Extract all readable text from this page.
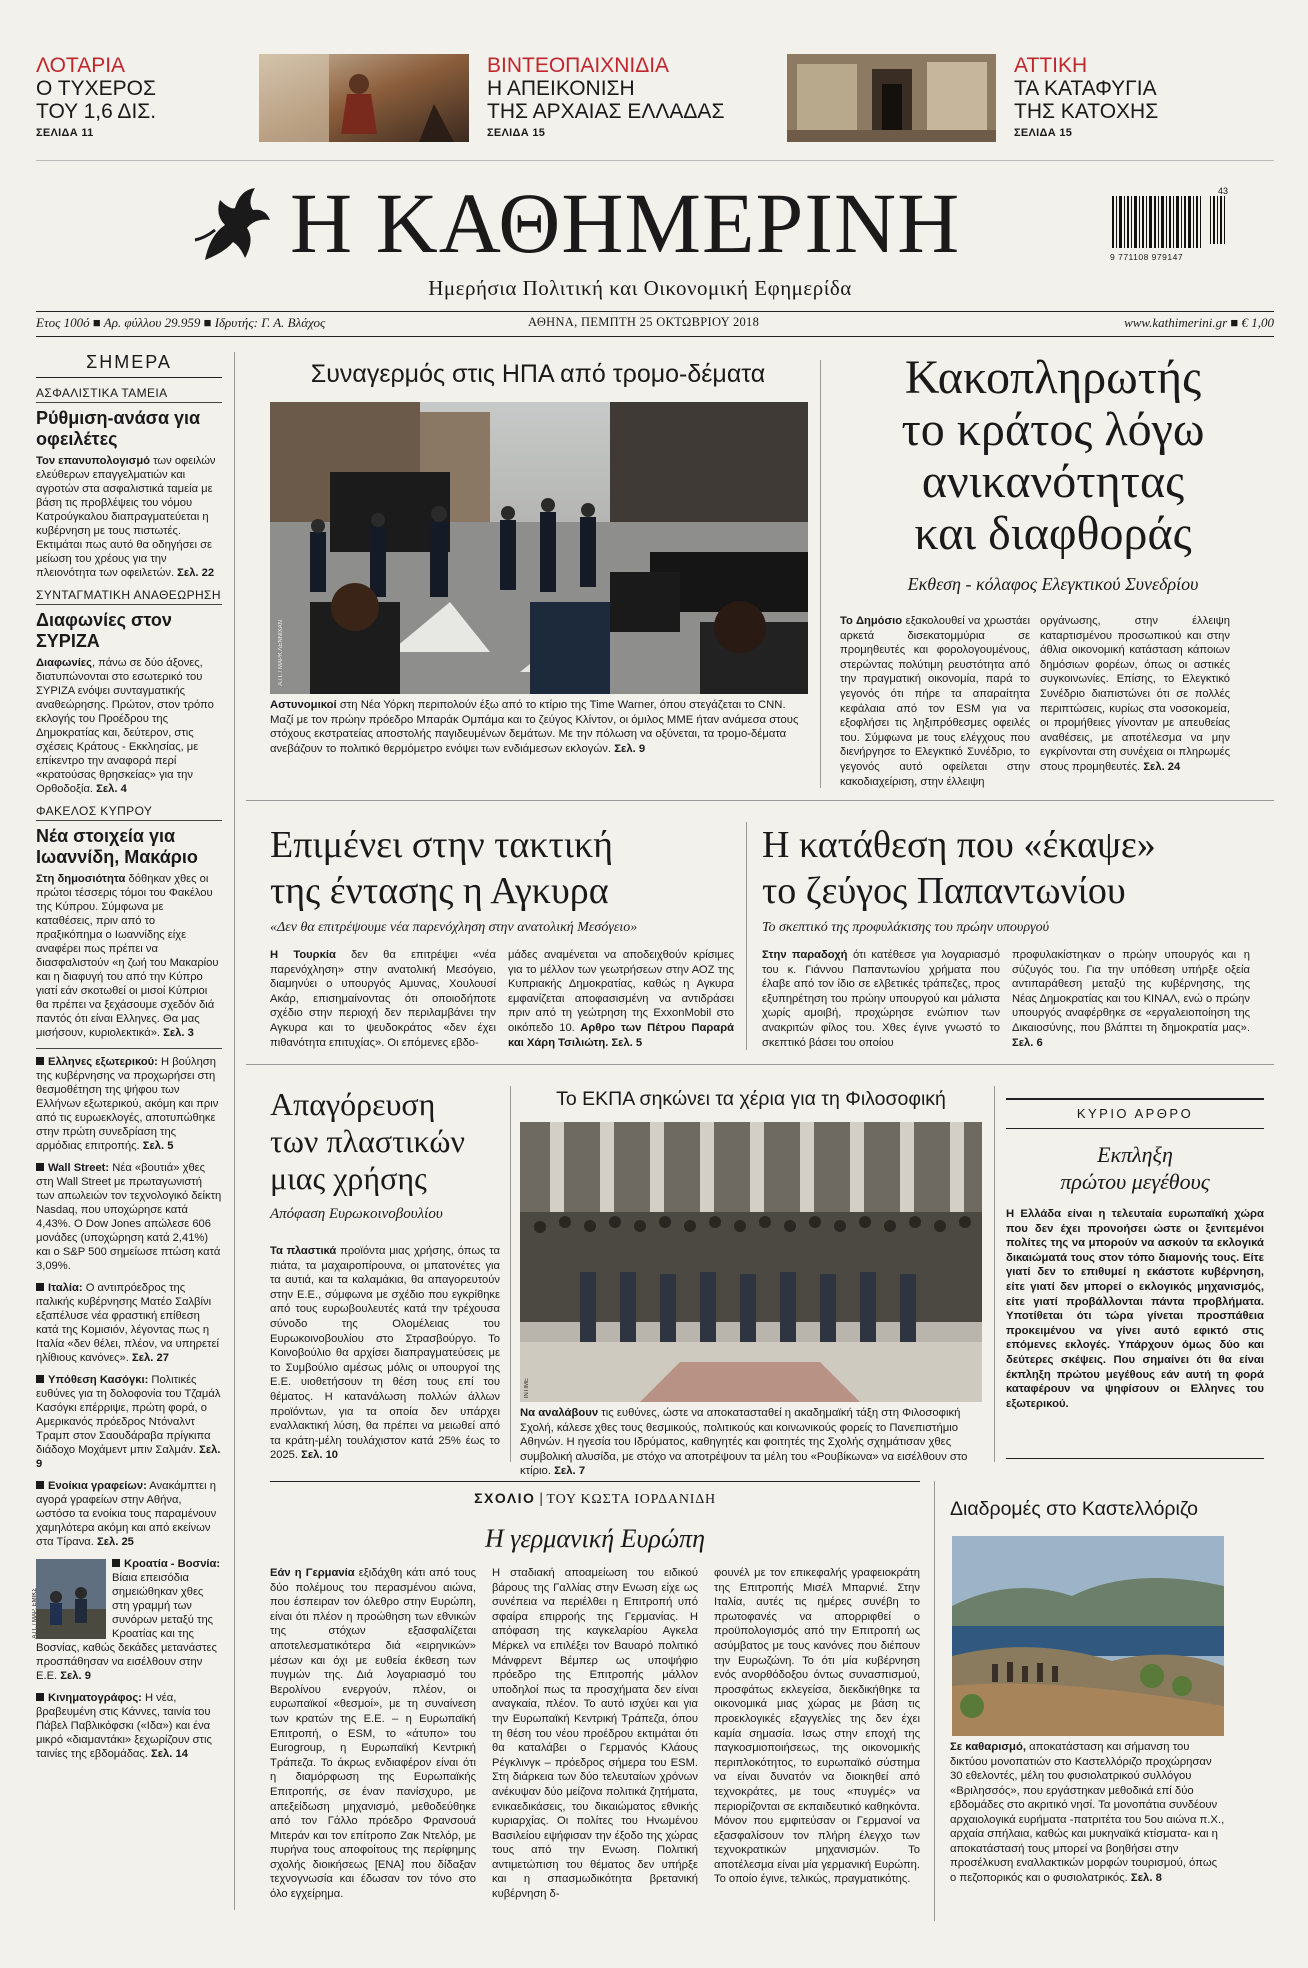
ΛΟΤΑΡΙΑ
Ο ΤΥΧΕΡΟΣ
ΤΟΥ 1,6 ΔΙΣ.
ΣΕΛΙΔΑ 11
ΒΙΝΤΕΟΠΑΙΧΝΙΔΙΑ
Η ΑΠΕΙΚΟΝΙΣΗ
ΤΗΣ ΑΡΧΑΙΑΣ ΕΛΛΑΔΑΣ
ΣΕΛΙΔΑ 15
ΑΤΤΙΚΗ
ΤΑ ΚΑΤΑΦΥΓΙΑ
ΤΗΣ ΚΑΤΟΧΗΣ
ΣΕΛΙΔΑ 15
Η ΚΑΘΗΜΕΡΙΝΗ
Ημερήσια Πολιτική και Οικονομική Εφημερίδα
43
9 771108 979147
Ετος 100ό ■ Αρ. φύλλου 29.959 ■ Ιδρυτής: Γ. Α. Βλάχος	ΑΘΗΝΑ, ΠΕΜΠΤΗ 25 ΟΚΤΩΒΡΙΟΥ 2018	www.kathimerini.gr ■ € 1,00
ΣΗΜΕΡΑ
ΑΣΦΑΛΙΣΤΙΚΑ ΤΑΜΕΙΑ
Ρύθμιση-ανάσα για οφειλέτες
Τον επανυπολογισμό των οφειλών ελεύθερων επαγγελματιών και αγροτών στα ασφαλιστικά ταμεία με βάση τις προβλέψεις του νόμου Κατρούγκαλου διαπραγματεύεται η κυβέρνηση με τους πιστωτές. Εκτιμάται πως αυτό θα οδηγήσει σε μείωση του χρέους για την πλειονότητα των οφειλετών. Σελ. 22
ΣΥΝΤΑΓΜΑΤΙΚΗ ΑΝΑΘΕΩΡΗΣΗ
Διαφωνίες στον ΣΥΡΙΖΑ
Διαφωνίες, πάνω σε δύο άξονες, διατυπώνονται στο εσωτερικό του ΣΥΡΙΖΑ ενόψει συνταγματικής αναθεώρησης. Πρώτον, στον τρόπο εκλογής του Προέδρου της Δημοκρατίας και, δεύτερον, στις σχέσεις Κράτους - Εκκλησίας, με επίκεντρο την αναφορά περί «κρατούσας θρησκείας» για την Ορθοδοξία. Σελ. 4
ΦΑΚΕΛΟΣ ΚΥΠΡΟΥ
Νέα στοιχεία για Ιωαννίδη, Μακάριο
Στη δημοσιότητα δόθηκαν χθες οι πρώτοι τέσσερις τόμοι του Φακέλου της Κύπρου. Σύμφωνα με καταθέσεις, πριν από το πραξικόπημα ο Ιωαννίδης είχε αναφέρει πως πρέπει να διασφαλιστούν «η ζωή του Μακαρίου και η διαφυγή του από την Κύπρο γιατί εάν σκοτωθεί οι μισοί Κύπριοι θα πρέπει να ξεχάσουμε σχεδόν διά παντός ότι είναι Ελληνες. Θα μας μισήσουν, κυριολεκτικά». Σελ. 3
Ελληνες εξωτερικού: Η βούληση της κυβέρνησης να προχωρήσει στη θεσμοθέτηση της ψήφου των Ελλήνων εξωτερικού, ακόμη και πριν από τις ευρωεκλογές, αποτυπώθηκε στην πρώτη συνεδρίαση της αρμόδιας επιτροπής. Σελ. 5
Wall Street: Νέα «βουτιά» χθες στη Wall Street με πρωταγωνιστή των απωλειών τον τεχνολογικό δείκτη Nasdaq, που υποχώρησε κατά 4,43%. Ο Dow Jones απώλεσε 606 μονάδες (υποχώρηση κατά 2,41%) και ο S&P 500 σημείωσε πτώση κατά 3,09%.
Ιταλία: Ο αντιπρόεδρος της ιταλικής κυβέρνησης Ματέο Σαλβίνι εξαπέλυσε νέα φραστική επίθεση κατά της Κομισιόν, λέγοντας πως η Ιταλία «δεν θέλει, πλέον, να υπηρετεί ηλίθιους κανόνες». Σελ. 27
Υπόθεση Κασόγκι: Πολιτικές ευθύνες για τη δολοφονία του Τζαμάλ Κασόγκι επέρριψε, πρώτη φορά, ο Αμερικανός πρόεδρος Ντόναλντ Τραμπ στον Σαουδάραβα πρίγκιπα διάδοχο Μοχάμεντ μπιν Σαλμάν. Σελ. 9
Ενοίκια γραφείων: Ανακάμπτει η αγορά γραφείων στην Αθήνα, ωστόσο τα ενοίκια τους παραμένουν χαμηλότερα ακόμη και από εκείνων στα Τίρανα. Σελ. 25
Α.Π. / ΜΑΡ. ΕΜΙΚΣ
Κροατία - Βοσνία: Βίαια επεισόδια σημειώθηκαν χθες στη γραμμή των συνόρων μεταξύ της Κροατίας και της Βοσνίας, καθώς δεκάδες μετανάστες προσπάθησαν να εισέλθουν στην Ε.Ε. Σελ. 9
Κινηματογράφος: Η νέα, βραβευμένη στις Κάννες, ταινία του Πάβελ Παβλικόφσκι («Ιδα») και ένα μικρό «διαμαντάκι» ξεχωρίζουν στις ταινίες της εβδομάδας. Σελ. 14
Συναγερμός στις ΗΠΑ από τρομο-δέματα
Α.Π. / ΜΑΡΚ ΛΕΝΝΙΧΑΝ
Αστυνομικοί στη Νέα Υόρκη περιπολούν έξω από το κτίριο της Time Warner, όπου στεγάζεται το CNN. Μαζί με τον πρώην πρόεδρο Μπαράκ Ομπάμα και το ζεύγος Κλίντον, οι όμιλος ΜΜΕ ήταν ανάμεσα στους στόχους εκστρατείας αποστολής παγιδευμένων δεμάτων. Με την πόλωση να οξύνεται, τα τρομο-δέματα ανεβάζουν το πολιτικό θερμόμετρο ενόψει των ενδιάμεσων εκλογών. Σελ. 9
Κακοπληρωτής
το κράτος λόγω
ανικανότητας
και διαφθοράς
Εκθεση - κόλαφος Ελεγκτικού Συνεδρίου
Το Δημόσιο εξακολουθεί να χρωστάει αρκετά δισεκατομμύρια σε προμηθευτές και φορολογουμένους, στερώντας πολύτιμη ρευστότητα από την πραγματική οικονομία, παρά το γεγονός ότι πήρε τα απαραίτητα κεφάλαια από τον ESM για να εξοφλήσει τις ληξιπρόθεσμες οφειλές του. Σύμφωνα με τους ελέγχους που διενήργησε το Ελεγκτικό Συνέδριο, το γεγονός αυτό οφείλεται στην κακοδιαχείριση, στην έλλειψη
οργάνωσης, στην έλλειψη καταρτισμένου προσωπικού και στην άθλια οικονομική κατάσταση κάποιων δημόσιων φορέων, όπως οι αστικές συγκοινωνίες. Επίσης, το Ελεγκτικό Συνέδριο διαπιστώνει ότι σε πολλές περιπτώσεις, κυρίως στα νοσοκομεία, οι προμήθειες γίνονταν με απευθείας αναθέσεις, με αποτέλεσμα να μην εγκρίνονται στη συνέχεια οι πληρωμές στους προμηθευτές. Σελ. 24
Επιμένει στην τακτική
της έντασης η Αγκυρα
«Δεν θα επιτρέψουμε νέα παρενόχληση στην ανατολική Μεσόγειο»
Η Τουρκία δεν θα επιτρέψει «νέα παρενόχληση» στην ανατολική Μεσόγειο, διαμηνύει ο υπουργός Αμυνας, Χουλουσί Ακάρ, επισημαίνοντας ότι οποιοδήποτε σχέδιο στην περιοχή δεν περιλαμβάνει την Αγκυρα και το ψευδοκράτος «δεν έχει πιθανότητα επιτυχίας». Οι επόμενες εβδο-
μάδες αναμένεται να αποδειχθούν κρίσιμες για το μέλλον των γεωτρήσεων στην ΑΟΖ της Κυπριακής Δημοκρατίας, καθώς η Αγκυρα εμφανίζεται αποφασισμένη να αντιδράσει πριν από τη γεώτρηση της ExxonMobil στο οικόπεδο 10. Αρθρο των Πέτρου Παραρά και Χάρη Τσιλιώτη. Σελ. 5
Η κατάθεση που «έκαψε»
το ζεύγος Παπαντωνίου
Το σκεπτικό της προφυλάκισης του πρώην υπουργού
Στην παραδοχή ότι κατέθεσε για λογαριασμό του κ. Γιάννου Παπαντωνίου χρήματα που έλαβε από τον ίδιο σε ελβετικές τράπεζες, προς εξυπηρέτηση του πρώην υπουργού και μάλιστα χωρίς αμοιβή, προχώρησε ενώπιον των ανακριτών φίλος του. Χθες έγινε γνωστό το σκεπτικό βάσει του οποίου
προφυλακίστηκαν ο πρώην υπουργός και η σύζυγός του. Για την υπόθεση υπήρξε οξεία αντιπαράθεση μεταξύ της κυβέρνησης, της Νέας Δημοκρατίας και του ΚΙΝΑΛ, ενώ ο πρώην υπουργός αναφέρθηκε σε «εργαλειοποίηση της Δικαιοσύνης, που βλάπτει τη δημοκρατία μας». Σελ. 6
Απαγόρευση
των πλαστικών
μιας χρήσης
Απόφαση Ευρωκοινοβουλίου
Τα πλαστικά προϊόντα μιας χρήσης, όπως τα πιάτα, τα μαχαιροπίρουνα, οι μπατονέτες για τα αυτιά, και τα καλαμάκια, θα απαγορευτούν στην Ε.Ε., σύμφωνα με σχέδιο που εγκρίθηκε από τους ευρωβουλευτές κατά την τρέχουσα σύνοδο της Ολομέλειας του Ευρωκοινοβουλίου στο Στρασβούργο. Το Κοινοβούλιο θα αρχίσει διαπραγματεύσεις με το Συμβούλιο αμέσως μόλις οι υπουργοί της Ε.Ε. υιοθετήσουν τη θέση τους επί του θέματος. Η κατανάλωση πολλών άλλων προϊόντων, για τα οποία δεν υπάρχει εναλλακτική λύση, θα πρέπει να μειωθεί από τα κράτη-μέλη τουλάχιστον κατά 25% έως το 2025. Σελ. 10
Το ΕΚΠΑ σηκώνει τα χέρια για τη Φιλοσοφική
ΙΝΤΙΜΕ
Να αναλάβουν τις ευθύνες, ώστε να αποκατασταθεί η ακαδημαϊκή τάξη στη Φιλοσοφική Σχολή, κάλεσε χθες τους θεσμικούς, πολιτικούς και κοινωνικούς φορείς το Πανεπιστήμιο Αθηνών. Η ηγεσία του Ιδρύματος, καθηγητές και φοιτητές της Σχολής σχημάτισαν χθες συμβολική αλυσίδα, με στόχο να αποτρέψουν τα μέλη του «Ρουβίκωνα» να εισέλθουν στο κτίριο. Σελ. 7
ΚΥΡΙΟ ΑΡΘΡΟ
Εκπληξη
πρώτου μεγέθους
Η Ελλάδα είναι η τελευταία ευρωπαϊκή χώρα που δεν έχει προνοήσει ώστε οι ξενιτεμένοι πολίτες της να μπορούν να ασκούν τα εκλογικά δικαιώματά τους στον τόπο διαμονής τους. Είτε γιατί δεν το επιθυμεί η εκάστοτε κυβέρνηση, είτε γιατί δεν μπορεί ο εκλογικός μηχανισμός, είτε γιατί προβάλλονται πάντα προβλήματα. Υποτίθεται ότι τώρα γίνεται προσπάθεια προκειμένου να γίνει αυτό εφικτό στις επόμενες εκλογές. Υπάρχουν όμως δύο και δεύτερες σκέψεις. Που σημαίνει ότι θα είναι έκπληξη πρώτου μεγέθους εάν αυτή τη φορά καταφέρουν να ψηφίσουν οι Ελληνες του εξωτερικού.
ΣΧΟΛΙΟ | ΤΟΥ ΚΩΣΤΑ ΙΟΡΔΑΝΙΔΗ
Η γερμανική Ευρώπη
Εάν η Γερμανία εξιδάχθη κάτι από τους δύο πολέμους του περασμένου αιώνα, που έσπειραν τον όλεθρο στην Ευρώπη, είναι ότι πλέον η προώθηση των εθνικών της στόχων εξασφαλίζεται αποτελεσματικότερα διά «ειρηνικών» μέσων και όχι με ευθεία έκθεση των πυγμών της. Διά λογαριασμό του Βερολίνου ενεργούν, πλέον, οι ευρωπαϊκοί «θεσμοί», με τη συναίνεση των κρατών της Ε.Ε. – η Ευρωπαϊκή Επιτροπή, ο ESM, το «άτυπο» του Eurogroup, η Ευρωπαϊκή Κεντρική Τράπεζα. Το άκρως ενδιαφέρον είναι ότι η διαμόρφωση της Ευρωπαϊκής Επιτροπής, σε έναν πανίσχυρο, με απεξείδωση μηχανισμό, μεθοδεύθηκε από τον Γάλλο πρόεδρο Φρανσουά Μιτεράν και τον επίτροπο Ζακ Ντελόρ, με πυρήνα τους αποφοίτους της περίφημης σχολής διοικήσεως [ENA] που δίδαξαν τεχνογνωσία και έδωσαν τον τόνο στο όλο εγχείρημα.
Η σταδιακή αποαμείωση του ειδικού βάρους της Γαλλίας στην Ενωση είχε ως συνέπεια να περιέλθει η Επιτροπή υπό σφαίρα επιρροής της Γερμανίας. Η απόφαση της καγκελαρίου Αγκελα Μέρκελ να επιλέξει τον Βαυαρό πολιτικό Μάνφρεντ Βέμπερ ως υποψήφιο πρόεδρο της Επιτροπής μάλλον υποδηλοί πως τα προσχήματα δεν είναι αναγκαία, πλέον. Το αυτό ισχύει και για την Ευρωπαϊκή Κεντρική Τράπεζα, όπου τη θέση του νέου προέδρου εκτιμάται ότι θα καταλάβει ο Γερμανός Κλάους Ρέγκλινγκ – πρόεδρος σήμερα του ESM. Στη διάρκεια των δύο τελευταίων χρόνων ανέκυψαν δύο μείζονα πολιτικά ζητήματα, ενικαεδικάσεις, του δικαιώματος εθνικής κυριαρχίας. Οι πολίτες του Ηνωμένου Βασιλείου εψήφισαν την έξοδο της χώρας τους από την Ενωση. Πολιτική αντιμετώπιση του θέματος δεν υπήρξε και η σπασμωδικότητα βρετανική κυβέρνηση δ-
φουνέλ με τον επικεφαλής γραφειοκράτη της Επιτροπής Μισέλ Μπαρνιέ. Στην Ιταλία, αυτές τις ημέρες συνέβη το πρωτοφανές να απορριφθεί ο προϋπολογισμός από την Επιτροπή ως ασύμβατος με τους κανόνες που διέπουν την Ευρωζώνη. Το ότι μία κυβέρνηση ενός ανορθόδοξου όντως συνασπισμού, προσφάτως εκλεγείσα, διεκδικήθηκε τα οικονομικά μιας χώρας με βάση τις προεκλογικές εξαγγελίες της δεν έχει καμία σημασία. Ισως στην εποχή της παγκοσμιοποιήσεως, της οικονομικής περιπλοκότητος, το ευρωπαϊκό σύστημα να είναι δυνατόν να διοικηθεί από τεχνοκράτες, με τους «πυγμές» να περιορίζονται σε εκπαιδευτικό καθηκόντα. Μόνον που εμφιτεύσαν οι Γερμανοί να εξασφαλίσουν τον πλήρη έλεγχο των τεχνοκρατικών μηχανισμών. Το αποτέλεσμα είναι μία γερμανική Ευρώπη. Το οποίο έγινε, τελικώς, πραγματικότης.
Διαδρομές στο Καστελλόριζο
Σε καθαρισμό, αποκατάσταση και σήμανση του δικτύου μονοπατιών στο Καστελλόριζο προχώρησαν 30 εθελοντές, μέλη του φυσιολατρικού συλλόγου «Βριλησσός», που εργάστηκαν μεθοδικά επί δύο εβδομάδες στο ακριτικό νησί. Τα μονοπάτια συνδέουν αρχαιολογικά ευρήματα -πατριτέτα του 5ου αιώνα π.Χ., αρχαία σπήλαια, καθώς και μυκηναϊκά κτίσματα- και η αποκατάστασή τους μπορεί να βοηθήσει στην προσέλκυση εναλλακτικών μορφών τουρισμού, όπως ο πεζοπορικός και ο φυσιολατρικός. Σελ. 8
